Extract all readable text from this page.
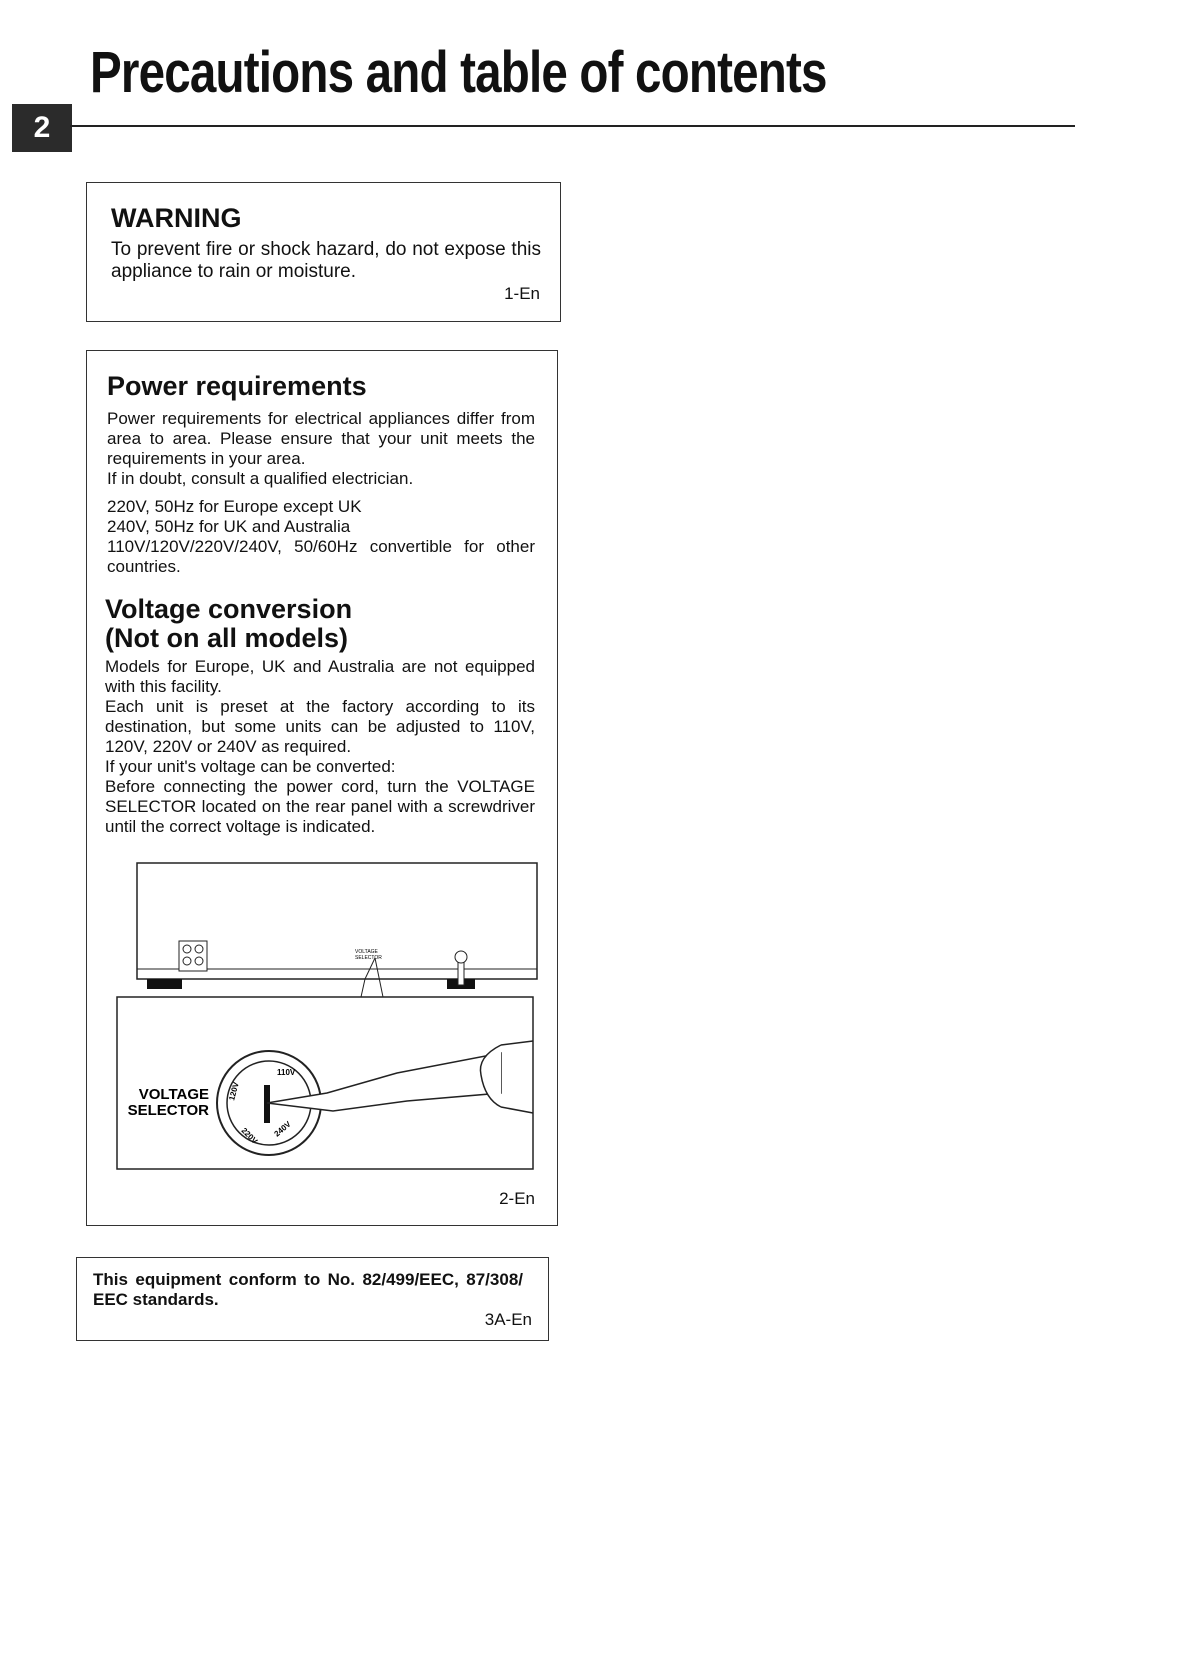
Precautions and table of contents
2
WARNING

To prevent fire or shock hazard, do not expose this appliance to rain or moisture.

1-En
Power requirements

Power requirements for electrical appliances differ from area to area. Please ensure that your unit meets the requirements in your area.

If in doubt, consult a qualified electrician.

220V, 50Hz for Europe except UK

240V, 50Hz for UK and Australia

110V/120V/220V/240V, 50/60Hz convertible for other countries.

Voltage conversion
(Not on all models)

Models for Europe, UK and Australia are not equipped with this facility.

Each unit is preset at the factory according to its destination, but some units can be adjusted to 110V, 120V, 220V or 240V as required.

If your unit's voltage can be converted:

Before connecting the power cord, turn the VOLTAGE SELECTOR located on the rear panel with a screwdriver until the correct voltage is indicated.

VOLTAGE
SELECTOR
110V
120V
220V 240V
VOLTAGE
SELECTOR
2-En

This equipment conform to No. 82/499/EEC, 87/308/ EEC standards.

3A-En
